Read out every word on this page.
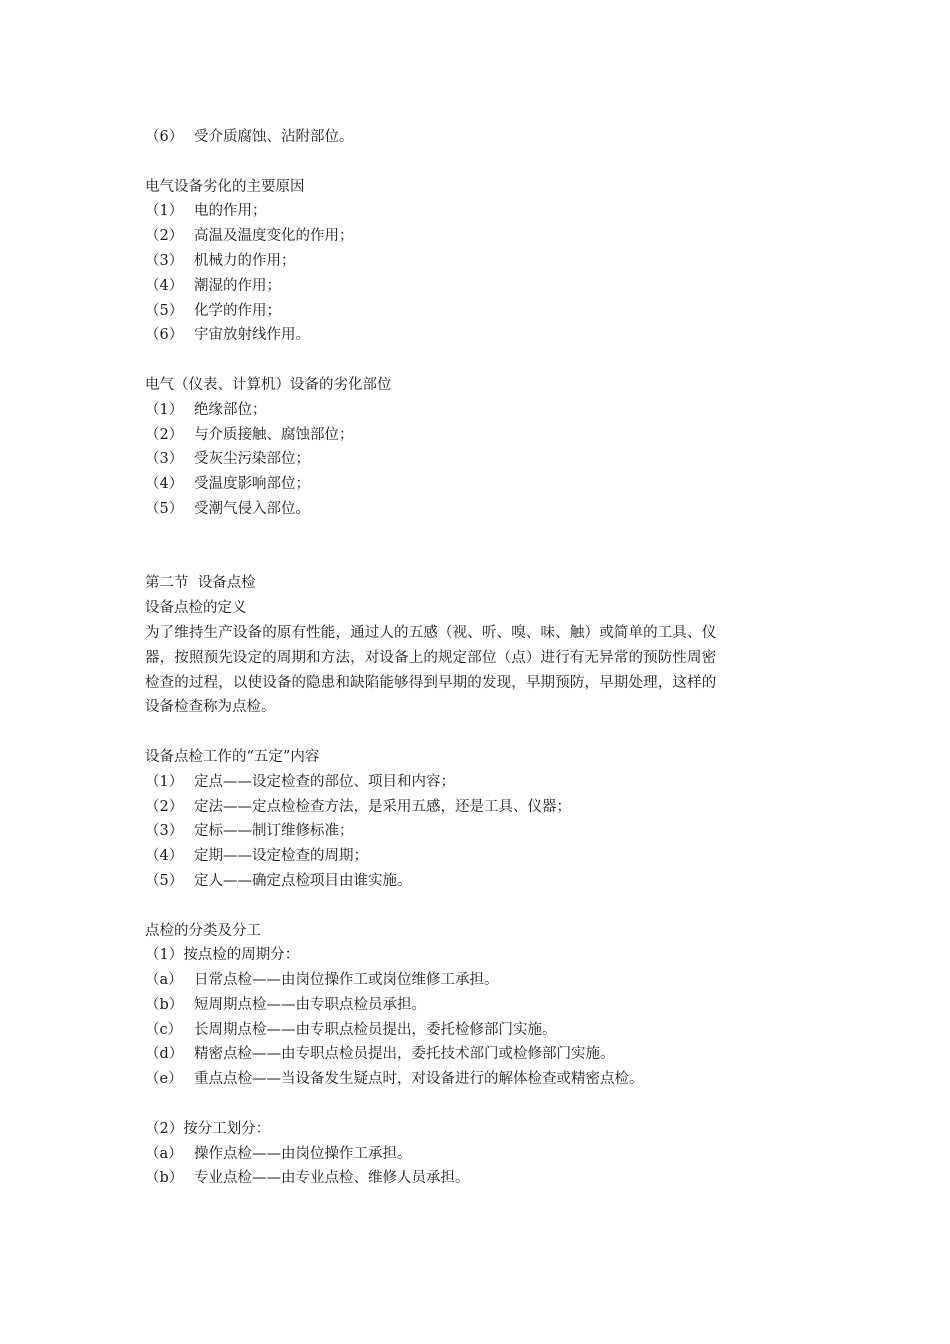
（6） 受介质腐蚀、沾附部位。
电气设备劣化的主要原因
（1） 电的作用；
（2） 高温及温度变化的作用；
（3） 机械力的作用；
（4） 潮湿的作用；
（5） 化学的作用；
（6） 宇宙放射线作用。
电气（仪表、计算机）设备的劣化部位
（1） 绝缘部位；
（2） 与介质接触、腐蚀部位；
（3） 受灰尘污染部位；
（4） 受温度影响部位；
（5） 受潮气侵入部位。
第二节  设备点检
设备点检的定义
为了维持生产设备的原有性能，通过人的五感（视、听、嗅、味、触）或简单的工具、仪
器，按照预先设定的周期和方法，对设备上的规定部位（点）进行有无异常的预防性周密
检查的过程，以使设备的隐患和缺陷能够得到早期的发现，早期预防，早期处理，这样的
设备检查称为点检。
设备点检工作的“五定”内容
（1） 定点——设定检查的部位、项目和内容；
（2） 定法——定点检检查方法，是采用五感，还是工具、仪器；
（3） 定标——制订维修标准；
（4） 定期——设定检查的周期；
（5） 定人——确定点检项目由谁实施。
点检的分类及分工
（1）按点检的周期分：
（a） 日常点检——由岗位操作工或岗位维修工承担。
（b） 短周期点检——由专职点检员承担。
（c） 长周期点检——由专职点检员提出，委托检修部门实施。
（d） 精密点检——由专职点检员提出，委托技术部门或检修部门实施。
（e） 重点点检——当设备发生疑点时，对设备进行的解体检查或精密点检。
（2）按分工划分：
（a） 操作点检——由岗位操作工承担。
（b） 专业点检——由专业点检、维修人员承担。
